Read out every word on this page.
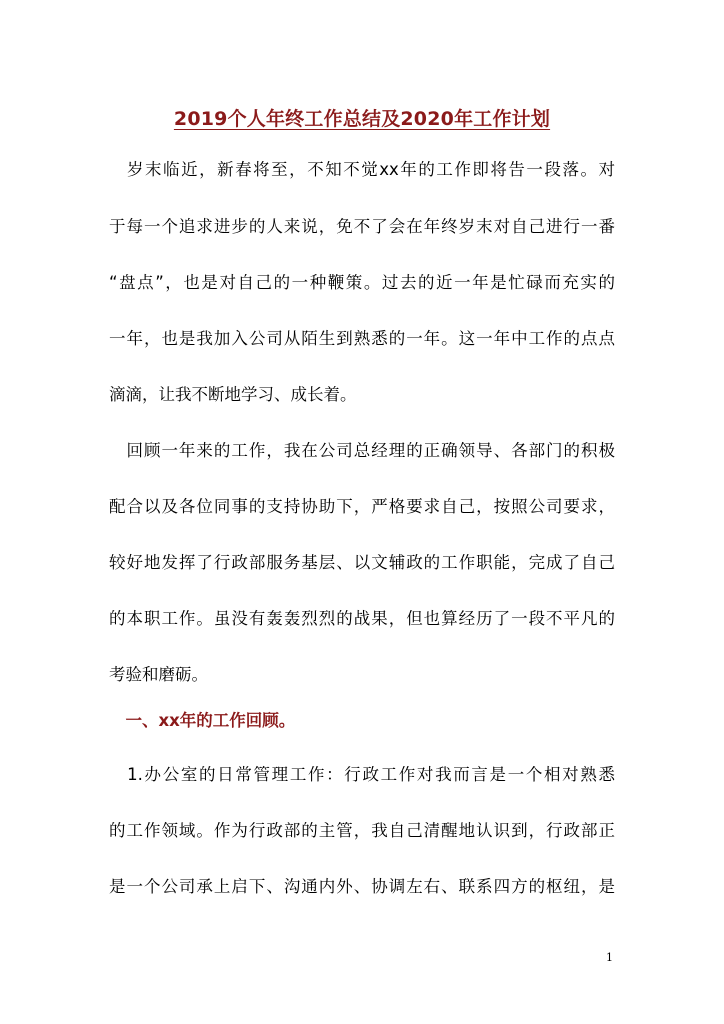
2019个人年终工作总结及2020年工作计划
　岁末临近，新春将至，不知不觉xx年的工作即将告一段落。对
于每一个追求进步的人来说，免不了会在年终岁末对自己进行一番
“盘点”，也是对自己的一种鞭策。过去的近一年是忙碌而充实的
一年，也是我加入公司从陌生到熟悉的一年。这一年中工作的点点
滴滴，让我不断地学习、成长着。
　回顾一年来的工作，我在公司总经理的正确领导、各部门的积极
配合以及各位同事的支持协助下，严格要求自己，按照公司要求，
较好地发挥了行政部服务基层、以文辅政的工作职能，完成了自己
的本职工作。虽没有轰轰烈烈的战果，但也算经历了一段不平凡的
考验和磨砺。
　一、xx年的工作回顾。
　1.办公室的日常管理工作：行政工作对我而言是一个相对熟悉
的工作领域。作为行政部的主管，我自己清醒地认识到，行政部正
是一个公司承上启下、沟通内外、协调左右、联系四方的枢纽，是
1
